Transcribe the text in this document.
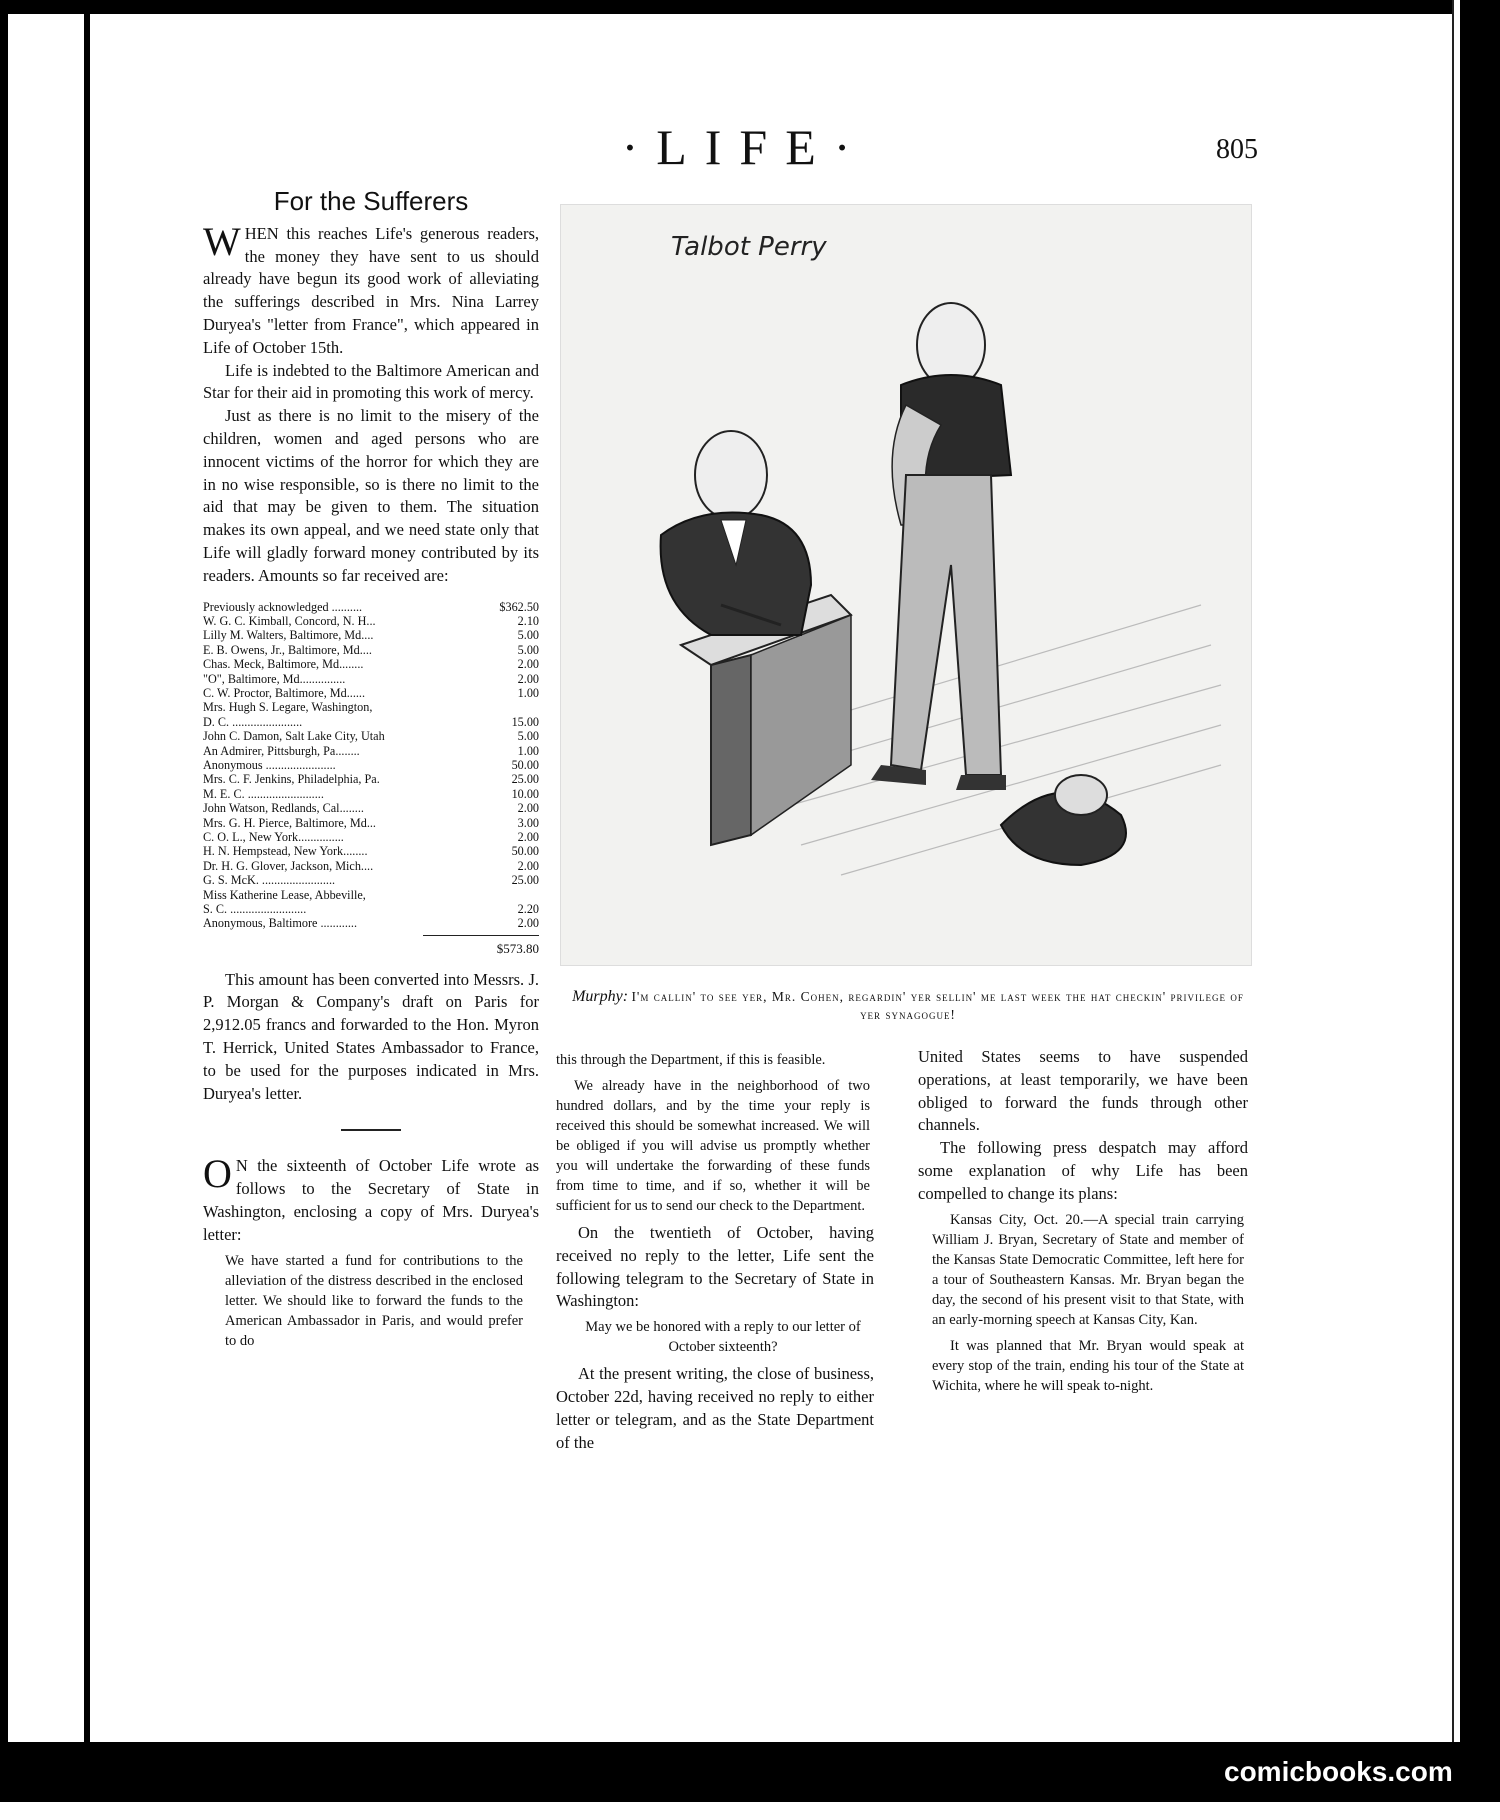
comicbooks.com
·LIFE·	805
For the Sufferers

WHEN this reaches Life's generous readers, the money they have sent to us should already have begun its good work of alleviating the sufferings described in Mrs. Nina Larrey Duryea's "letter from France", which appeared in Life of October 15th.

Life is indebted to the Baltimore American and Star for their aid in promoting this work of mercy.

Just as there is no limit to the misery of the children, women and aged persons who are innocent victims of the horror for which they are in no wise responsible, so is there no limit to the aid that may be given to them. The situation makes its own appeal, and we need state only that Life will gladly forward money contributed by its readers. Amounts so far received are:

Previously acknowledged ..........	$362.50
W. G. C. Kimball, Concord, N. H...	2.10
Lilly M. Walters, Baltimore, Md....	5.00
E. B. Owens, Jr., Baltimore, Md....	5.00
Chas. Meck, Baltimore, Md........	2.00
"O", Baltimore, Md...............	2.00
C. W. Proctor, Baltimore, Md......	1.00
Mrs. Hugh S. Legare, Washington,
D. C. .......................	15.00
John C. Damon, Salt Lake City, Utah	5.00
An Admirer, Pittsburgh, Pa........	1.00
Anonymous .......................	50.00
Mrs. C. F. Jenkins, Philadelphia, Pa.	25.00
M. E. C. .........................	10.00
John Watson, Redlands, Cal........	2.00
Mrs. G. H. Pierce, Baltimore, Md...	3.00
C. O. L., New York...............	2.00
H. N. Hempstead, New York........	50.00
Dr. H. G. Glover, Jackson, Mich....	2.00
G. S. McK. ........................	25.00
Miss Katherine Lease, Abbeville,
S. C. .........................	2.20
Anonymous, Baltimore ............	2.00
$573.80

This amount has been converted into Messrs. J. P. Morgan & Company's draft on Paris for 2,912.05 francs and forwarded to the Hon. Myron T. Herrick, United States Ambassador to France, to be used for the purposes indicated in Mrs. Duryea's letter.

O N the sixteenth of October Life wrote as follows to the Secretary of State in Washington, enclosing a copy of Mrs. Duryea's letter:

We have started a fund for contributions to the alleviation of the distress described in the enclosed letter. We should like to forward the funds to the American Ambassador in Paris, and would prefer to do
Talbot Perry
Murphy: I'm callin' to see yer, Mr. Cohen, regardin' yer sellin' me last week the hat checkin' privilege of yer synagogue!
this through the Department, if this is feasible.
We already have in the neighborhood of two hundred dollars, and by the time your reply is received this should be somewhat increased. We will be obliged if you will advise us promptly whether you will undertake the forwarding of these funds from time to time, and if so, whether it will be sufficient for us to send our check to the Department.

On the twentieth of October, having received no reply to the letter, Life sent the following telegram to the Secretary of State in Washington:

May we be honored with a reply to our letter of October sixteenth?

At the present writing, the close of business, October 22d, having received no reply to either letter or telegram, and as the State Department of the

United States seems to have suspended operations, at least temporarily, we have been obliged to forward the funds through other channels.

The following press despatch may afford some explanation of why Life has been compelled to change its plans:

Kansas City, Oct. 20.—A special train carrying William J. Bryan, Secretary of State and member of the Kansas State Democratic Committee, left here for a tour of Southeastern Kansas. Mr. Bryan began the day, the second of his present visit to that State, with an early-morning speech at Kansas City, Kan.
It was planned that Mr. Bryan would speak at every stop of the train, ending his tour of the State at Wichita, where he will speak to-night.
